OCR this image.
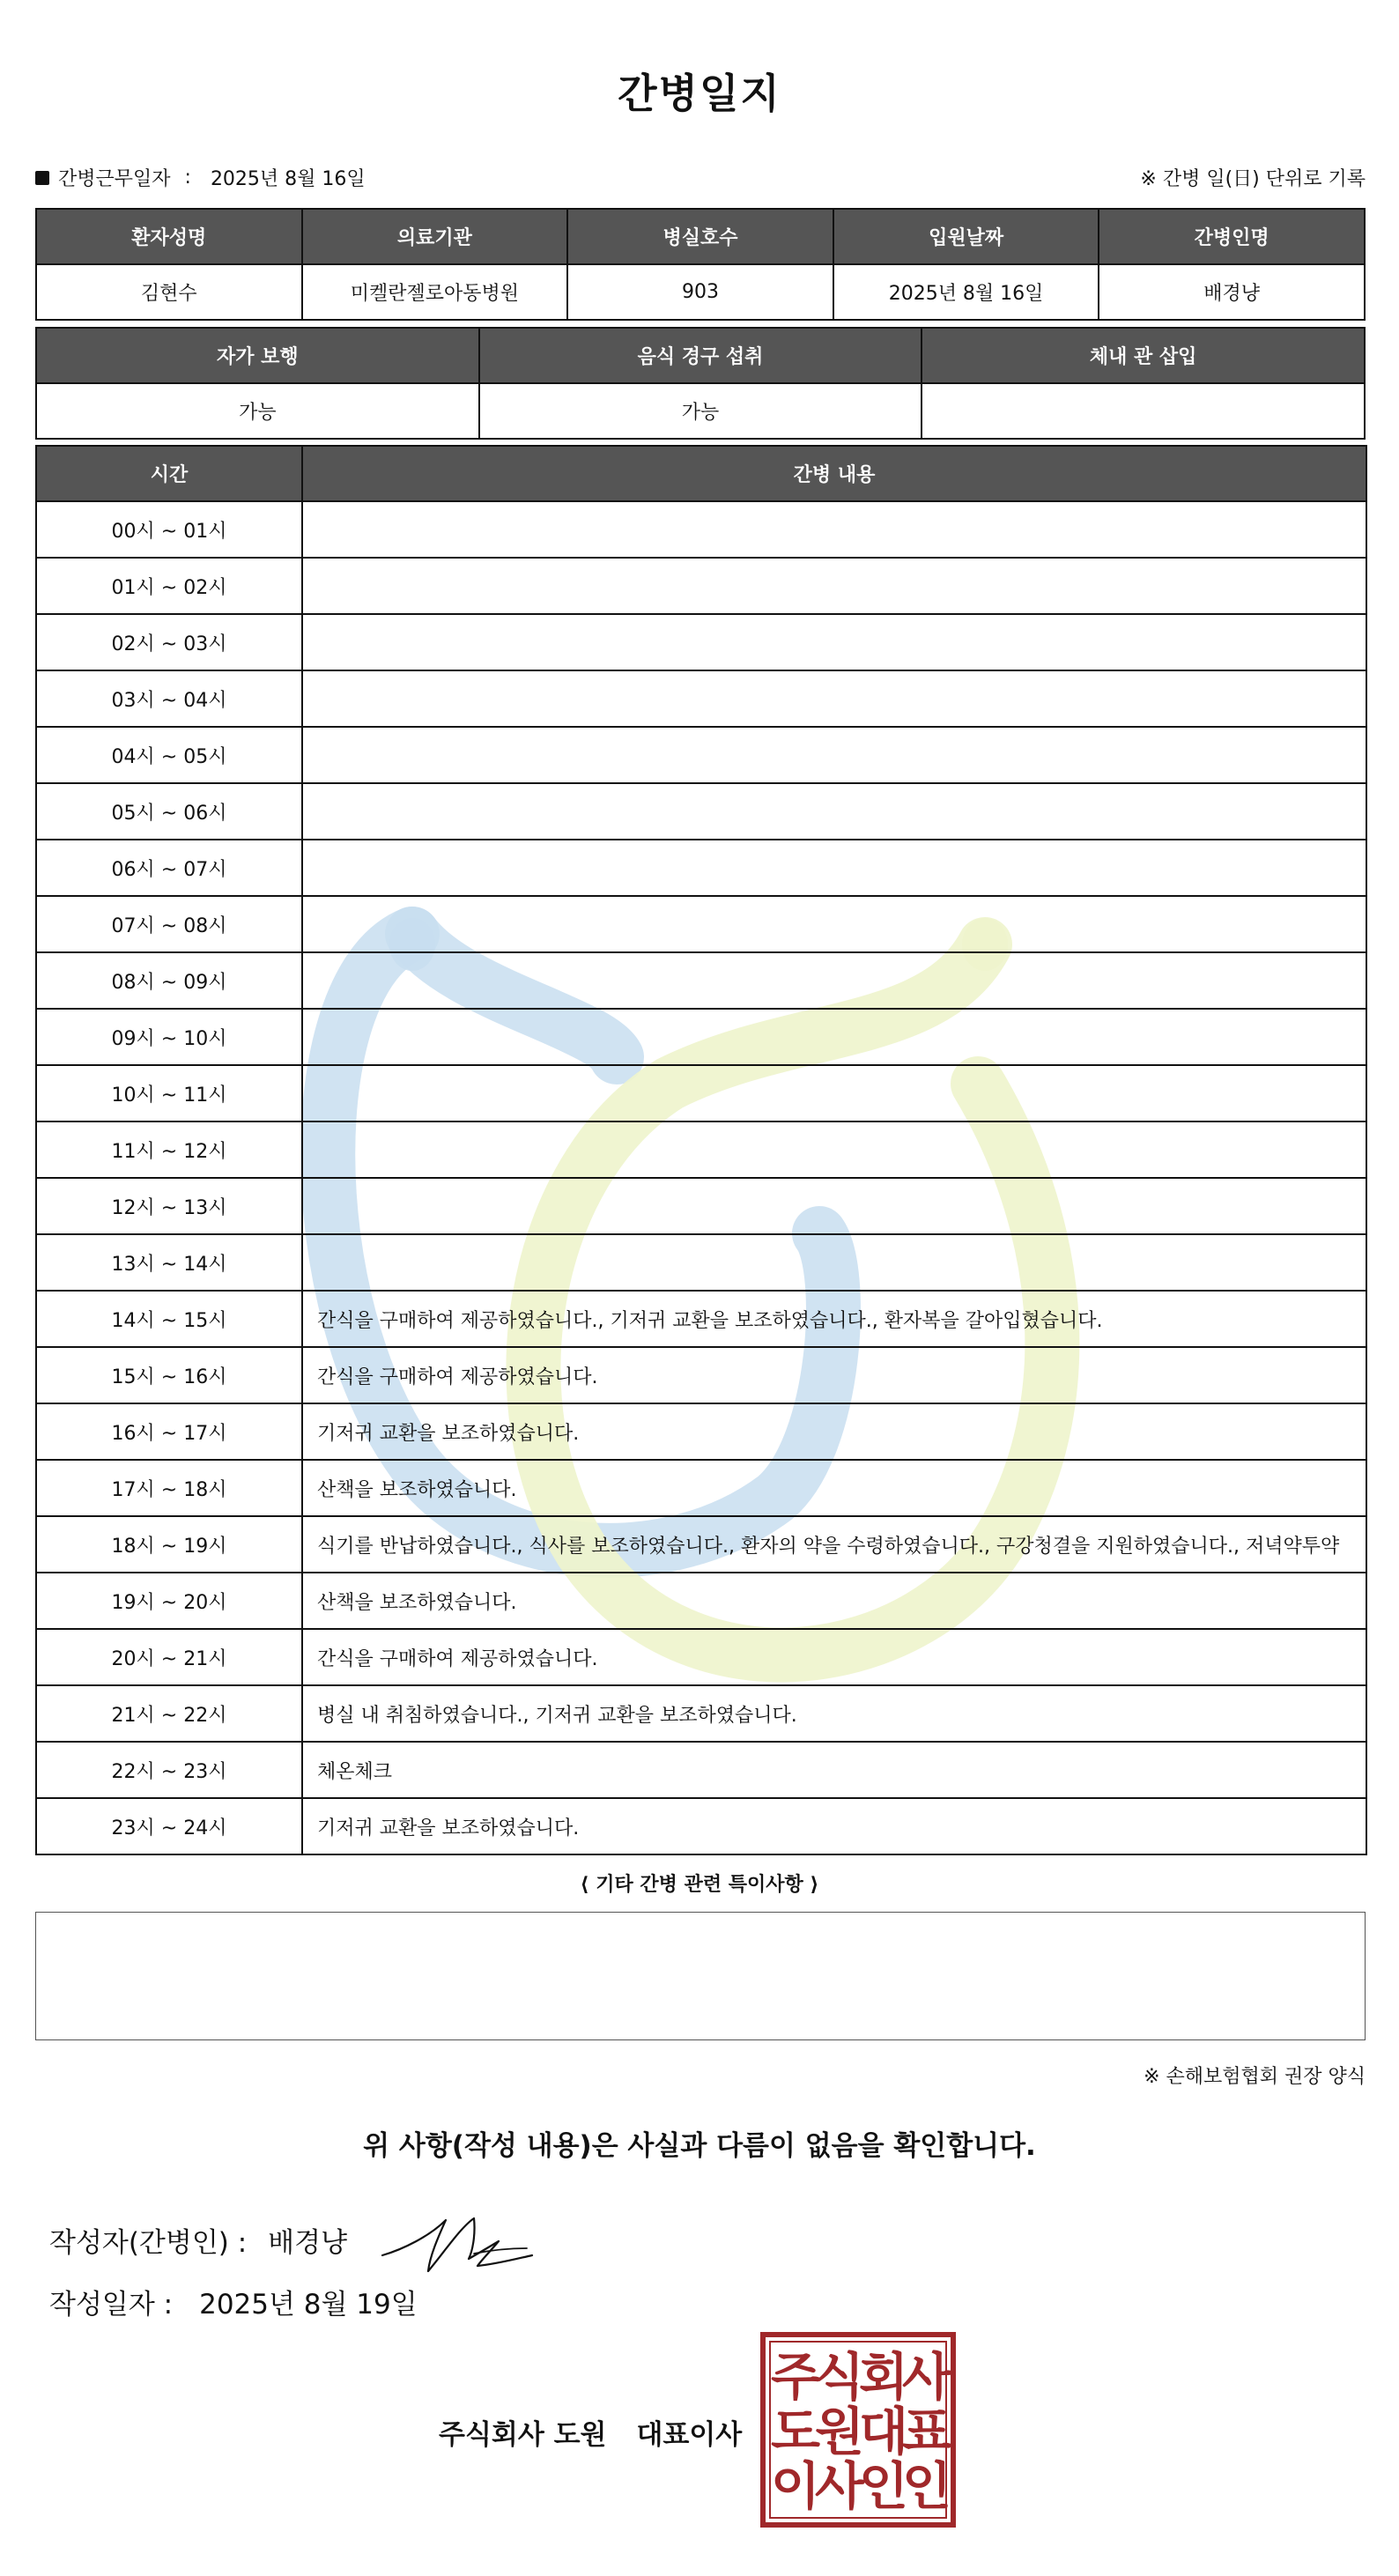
간병일지
간병근무일자 : 2025년 8월 16일	※ 간병 일(日) 단위로 기록
환자성명	의료기관	병실호수	입원날짜	간병인명
김현수	미켈란젤로아동병원	903	2025년 8월 16일	배경냥
자가 보행	음식 경구 섭취	체내 관 삽입
가능	가능	
시간	간병 내용
00시 ~ 01시	
01시 ~ 02시	
02시 ~ 03시	
03시 ~ 04시	
04시 ~ 05시	
05시 ~ 06시	
06시 ~ 07시	
07시 ~ 08시	
08시 ~ 09시	
09시 ~ 10시	
10시 ~ 11시	
11시 ~ 12시	
12시 ~ 13시	
13시 ~ 14시	
14시 ~ 15시	간식을 구매하여 제공하였습니다., 기저귀 교환을 보조하였습니다., 환자복을 갈아입혔습니다.
15시 ~ 16시	간식을 구매하여 제공하였습니다.
16시 ~ 17시	기저귀 교환을 보조하였습니다.
17시 ~ 18시	산책을 보조하였습니다.
18시 ~ 19시	식기를 반납하였습니다., 식사를 보조하였습니다., 환자의 약을 수령하였습니다., 구강청결을 지원하였습니다., 저녁약투약
19시 ~ 20시	산책을 보조하였습니다.
20시 ~ 21시	간식을 구매하여 제공하였습니다.
21시 ~ 22시	병실 내 취침하였습니다., 기저귀 교환을 보조하였습니다.
22시 ~ 23시	체온체크
23시 ~ 24시	기저귀 교환을 보조하였습니다.
⟨ 기타 간병 관련 특이사항 ⟩
※ 손해보험협회 권장 양식
위 사항(작성 내용)은 사실과 다름이 없음을 확인합니다.
작성자(간병인) : 배경냥
작성일자 : 2025년 8월 19일
주식회사 도원 대표이사
주
식
회
사
도
원
대
표
이
사
인
인
